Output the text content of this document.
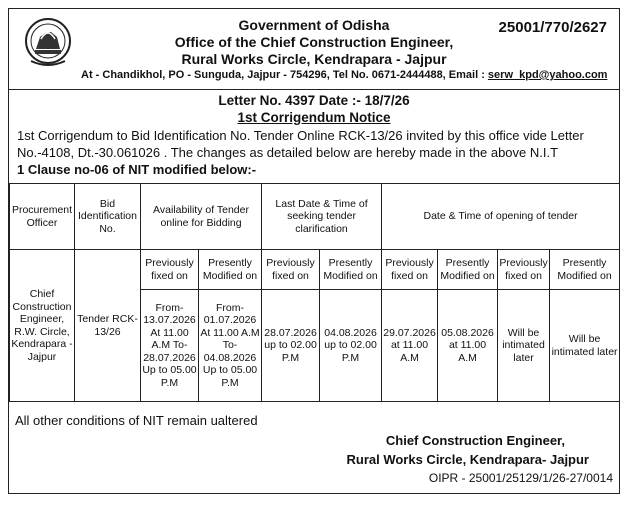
25001/770/2627
Government of Odisha
Office of the Chief Construction Engineer,
Rural Works Circle, Kendrapara - Jajpur
At - Chandikhol, PO - Sunguda, Jajpur - 754296, Tel No. 0671-2444488, Email : serw_kpd@yahoo.com
Letter No. 4397 Date :- 18/7/26
1st Corrigendum Notice
1st Corrigendum to Bid Identification No. Tender Online RCK-13/26 invited by this office vide Letter No.-4108, Dt.-30.061026 . The changes as detailed below are hereby made in the above N.I.T
1 Clause no-06 of NIT modified below:-
Procurement Officer	Bid Identification No.	Availability of Tender online for Bidding		Last Date & Time of seeking tender clarification		Date & Time of opening of tender			
Chief Construction Engineer, R.W. Circle, Kendrapara - Jajpur	Tender RCK-13/26	Previously fixed on	Presently Modified on	Previously fixed on	Presently Modified on	Previously fixed on	Presently Modified on	Previously fixed on	Presently Modified on
		From- 13.07.2026 At 11.00 A.M To- 28.07.2026 Up to 05.00 P.M	From- 01.07.2026 At 11.00 A.M To- 04.08.2026 Up to 05.00 P.M	28.07.2026 up to 02.00 P.M	04.08.2026 up to 02.00 P.M	29.07.2026 at 11.00 A.M	05.08.2026 at 11.00 A.M	Will be intimated later	Will be intimated later
All other conditions of NIT remain ualtered
Chief Construction Engineer,
Rural Works Circle, Kendrapara- Jajpur
OIPR - 25001/25129/1/26-27/0014
